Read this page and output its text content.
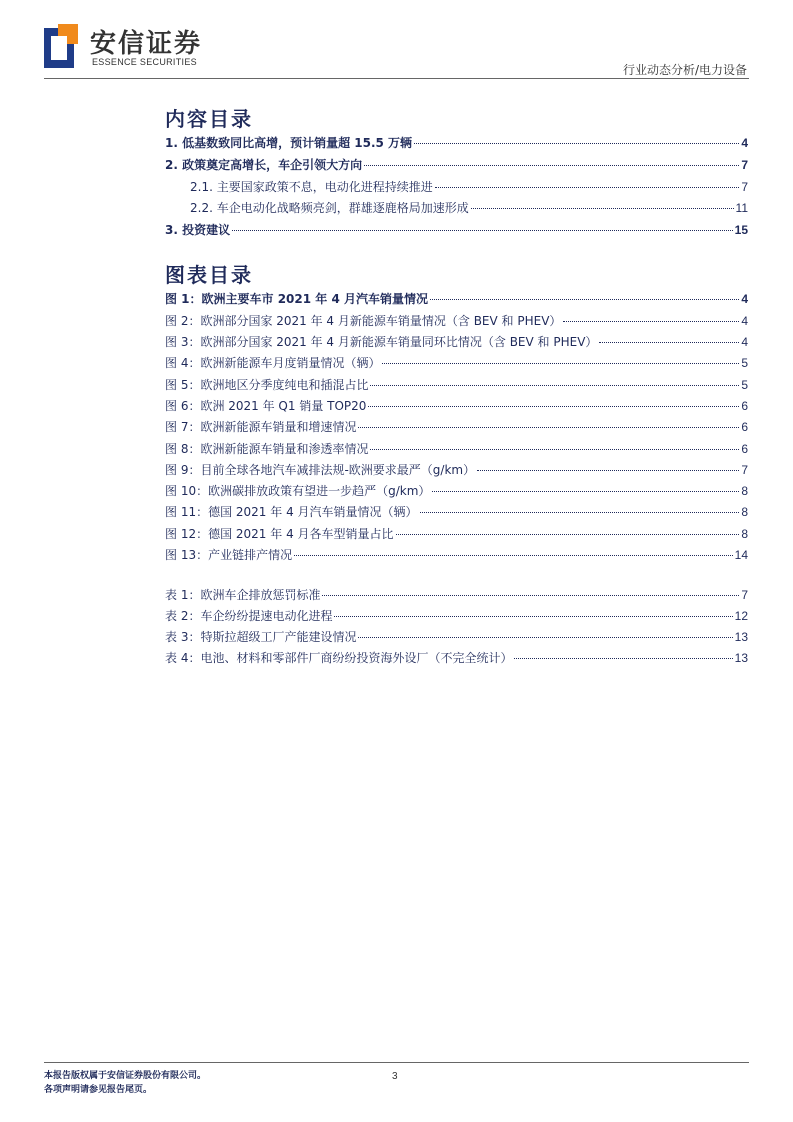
安信证券
ESSENCE SECURITIES
行业动态分析/电力设备
内容目录
1. 低基数致同比高增，预计销量超 15.5 万辆	4
2. 政策奠定高增长，车企引领大方向	7
2.1. 主要国家政策不息，电动化进程持续推进	7
2.2. 车企电动化战略频亮剑，群雄逐鹿格局加速形成	11
3. 投资建议	15
图表目录
图 1：欧洲主要车市 2021 年 4 月汽车销量情况	4
图 2：欧洲部分国家 2021 年 4 月新能源车销量情况（含 BEV 和 PHEV）	4
图 3：欧洲部分国家 2021 年 4 月新能源车销量同环比情况（含 BEV 和 PHEV）	4
图 4：欧洲新能源车月度销量情况（辆）	5
图 5：欧洲地区分季度纯电和插混占比	5
图 6：欧洲 2021 年 Q1 销量 TOP20	6
图 7：欧洲新能源车销量和增速情况	6
图 8：欧洲新能源车销量和渗透率情况	6
图 9：目前全球各地汽车减排法规-欧洲要求最严（g/km）	7
图 10：欧洲碳排放政策有望进一步趋严（g/km）	8
图 11：德国 2021 年 4 月汽车销量情况（辆）	8
图 12：德国 2021 年 4 月各车型销量占比	8
图 13：产业链排产情况	14
表 1：欧洲车企排放惩罚标准	7
表 2：车企纷纷提速电动化进程	12
表 3：特斯拉超级工厂产能建设情况	13
表 4：电池、材料和零部件厂商纷纷投资海外设厂（不完全统计）	13
本报告版权属于安信证券股份有限公司。
各项声明请参见报告尾页。
3
